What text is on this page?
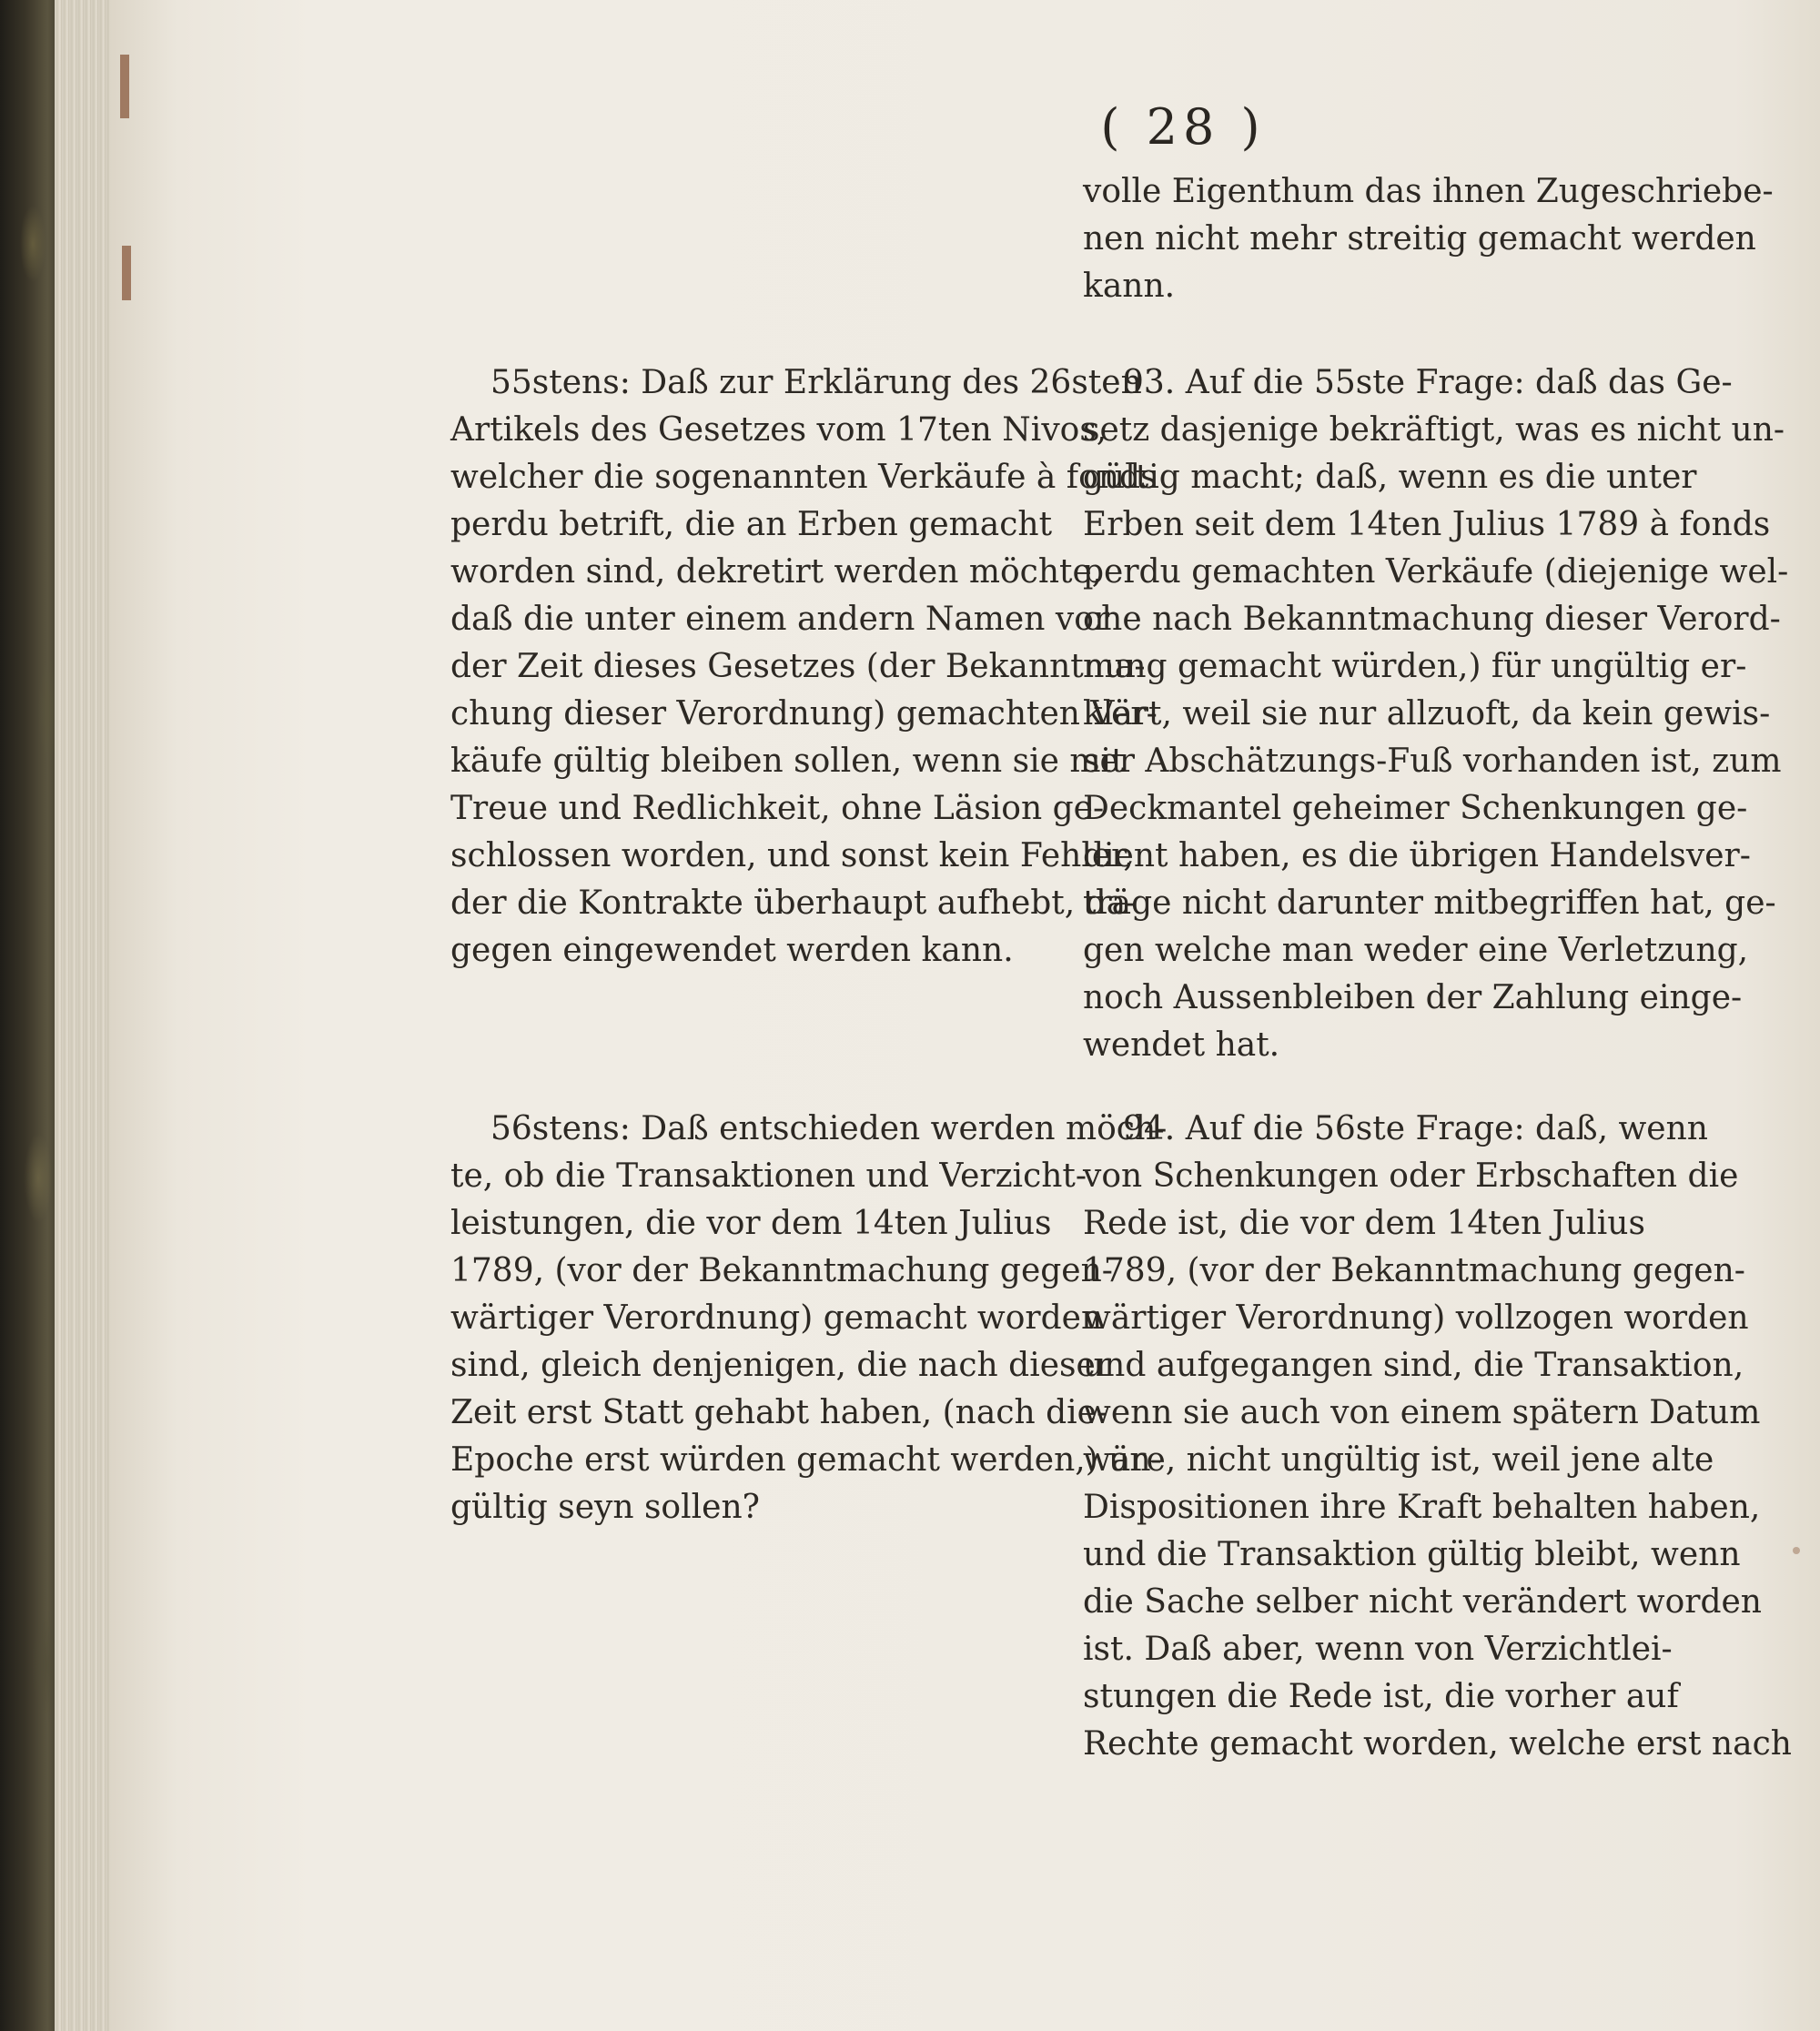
( 28 )
volle Eigenthum das ihnen Zugeschriebe-
nen nicht mehr streitig gemacht werden
kann.
55stens: Daß zur Erklärung des 26sten
Artikels des Gesetzes vom 17ten Nivos,
welcher die sogenannten Verkäufe à fonds
perdu betrift, die an Erben gemacht
worden sind, dekretirt werden möchte,
daß die unter einem andern Namen vor
der Zeit dieses Gesetzes (der Bekanntma-
chung dieser Verordnung) gemachten Ver-
käufe gültig bleiben sollen, wenn sie mit
Treue und Redlichkeit, ohne Läsion ge-
schlossen worden, und sonst kein Fehler,
der die Kontrakte überhaupt aufhebt, da-
gegen eingewendet werden kann.
93. Auf die 55ste Frage: daß das Ge-
setz dasjenige bekräftigt, was es nicht un-
gültig macht; daß, wenn es die unter
Erben seit dem 14ten Julius 1789 à fonds
perdu gemachten Verkäufe (diejenige wel-
che nach Bekanntmachung dieser Verord-
nung gemacht würden,) für ungültig er-
klärt, weil sie nur allzuoft, da kein gewis-
ser Abschätzungs-Fuß vorhanden ist, zum
Deckmantel geheimer Schenkungen ge-
dient haben, es die übrigen Handelsver-
träge nicht darunter mitbegriffen hat, ge-
gen welche man weder eine Verletzung,
noch Aussenbleiben der Zahlung einge-
wendet hat.
56stens: Daß entschieden werden möch-
te, ob die Transaktionen und Verzicht-
leistungen, die vor dem 14ten Julius
1789, (vor der Bekanntmachung gegen-
wärtiger Verordnung) gemacht worden
sind, gleich denjenigen, die nach dieser
Zeit erst Statt gehabt haben, (nach die-
Epoche erst würden gemacht werden,) un-
gültig seyn sollen?
94. Auf die 56ste Frage: daß, wenn
von Schenkungen oder Erbschaften die
Rede ist, die vor dem 14ten Julius
1789, (vor der Bekanntmachung gegen-
wärtiger Verordnung) vollzogen worden
und aufgegangen sind, die Transaktion,
wenn sie auch von einem spätern Datum
wäre, nicht ungültig ist, weil jene alte
Dispositionen ihre Kraft behalten haben,
und die Transaktion gültig bleibt, wenn
die Sache selber nicht verändert worden
ist. Daß aber, wenn von Verzichtlei-
stungen die Rede ist, die vorher auf
Rechte gemacht worden, welche erst nach
